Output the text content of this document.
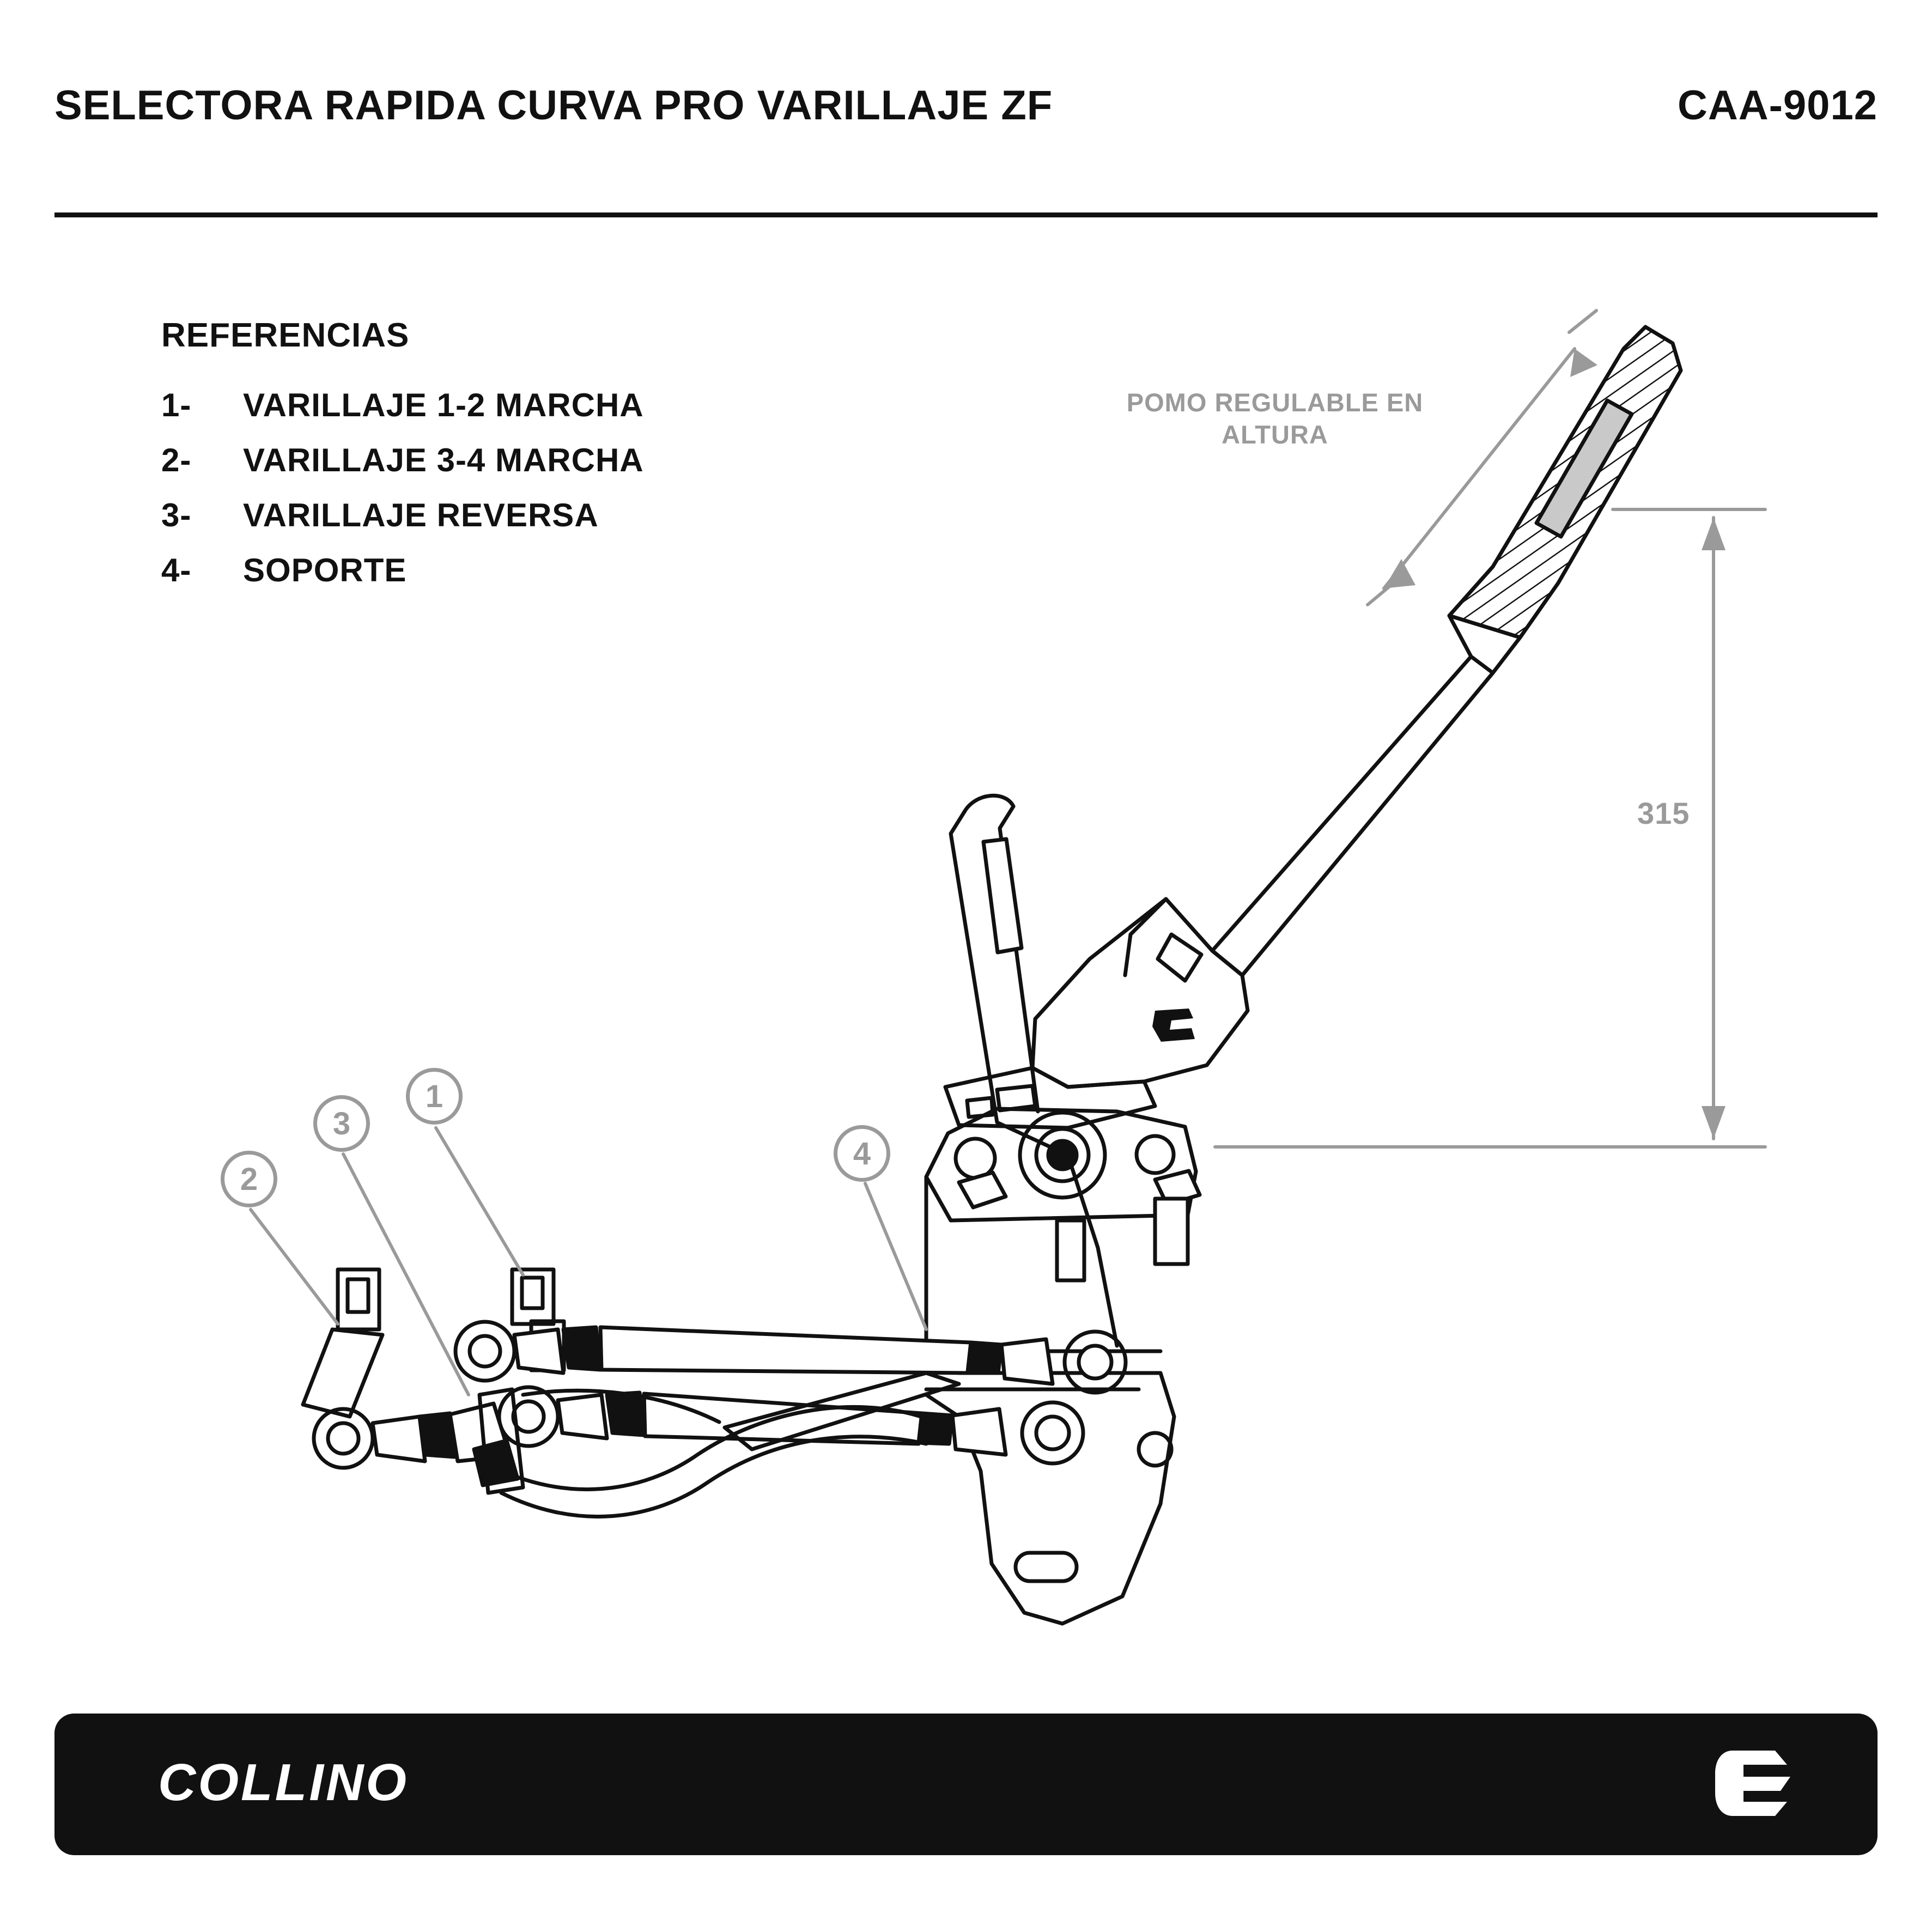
SELECTORA RAPIDA CURVA PRO VARILLAJE ZF	CAA-9012
REFERENCIAS
1-	VARILLAJE 1-2 MARCHA
2-	VARILLAJE 3-4 MARCHA
3-	VARILLAJE REVERSA
4-	SOPORTE
1
2
3
4
POMO REGULABLE EN ALTURA
315
COLLINO
